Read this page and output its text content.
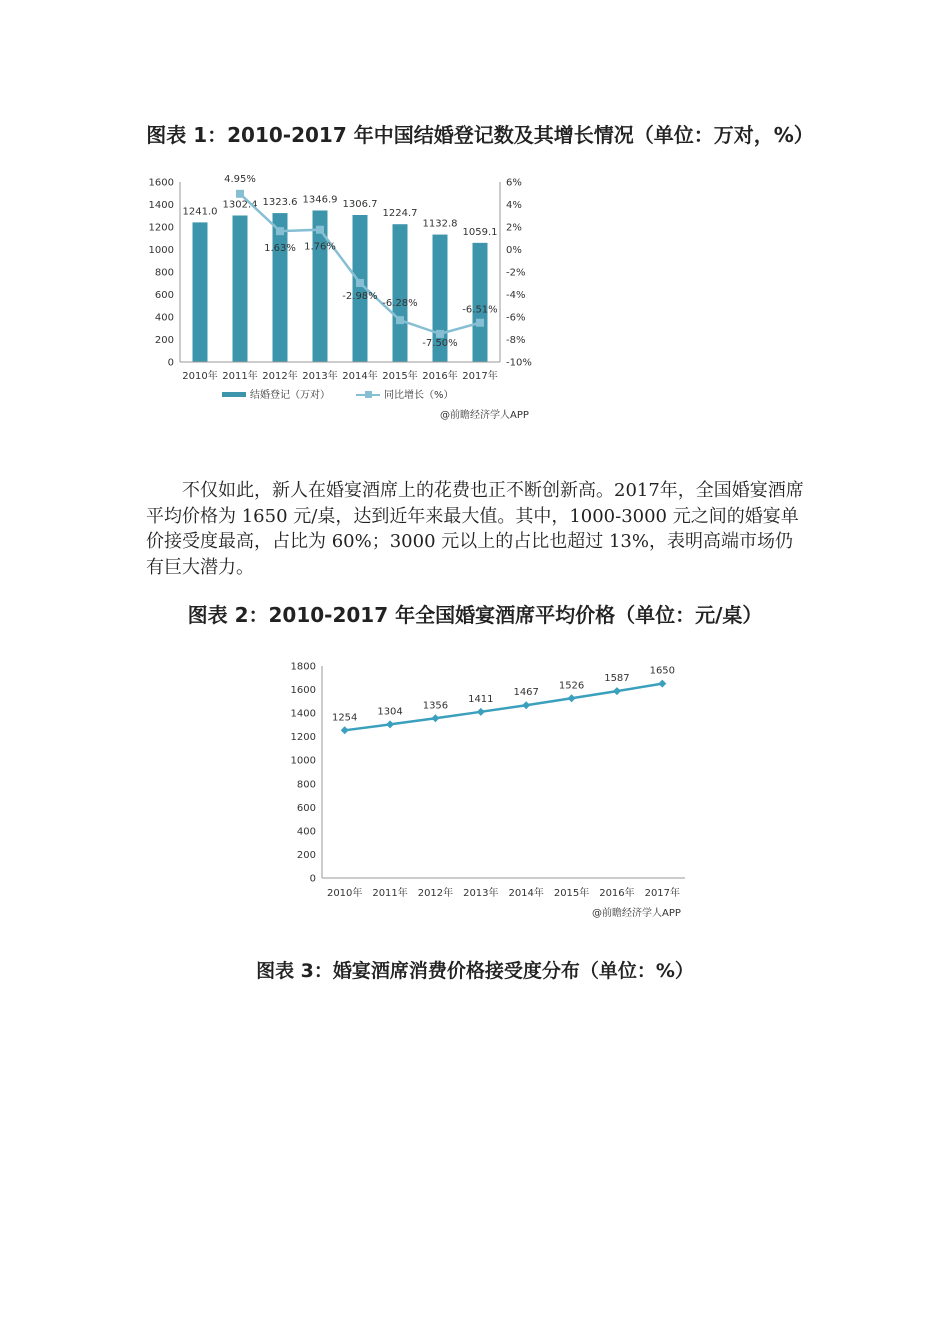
图表 1：2010-2017 年中国结婚登记数及其增长情况（单位：万对，%）
0
200
400
600
800
1000
1200
1400
1600
-10%
-8%
-6%
-4%
-2%
0%
2%
4%
6%
1241.0
1302.4 1323.6 1346.9 1306.7
1224.7
1132.8
1059.1
4.95%
1.63% 1.76%
-2.98%
-6.28%
-7.50%
-6.51%
2010年 2011年 2012年 2013年 2014年 2015年 2016年 2017年
结婚登记（万对）	同比增长（%）
@前瞻经济学人APP
不仅如此，新人在婚宴酒席上的花费也正不断创新高。2017年，全国婚宴酒席平均价格为 1650 元/桌，达到近年来最大值。其中，1000-3000 元之间的婚宴单价接受度最高，占比为 60%；3000 元以上的占比也超过 13%，表明高端市场仍有巨大潜力。
图表 2：2010-2017 年全国婚宴酒席平均价格（单位：元/桌）
0
200
400
600
800
1000
1200
1400
1600
1800
1254
1304
1356
1411
1467
1526
1587
1650
2010年 2011年 2012年 2013年 2014年 2015年 2016年 2017年
@前瞻经济学人APP
图表 3：婚宴酒席消费价格接受度分布（单位：%）
